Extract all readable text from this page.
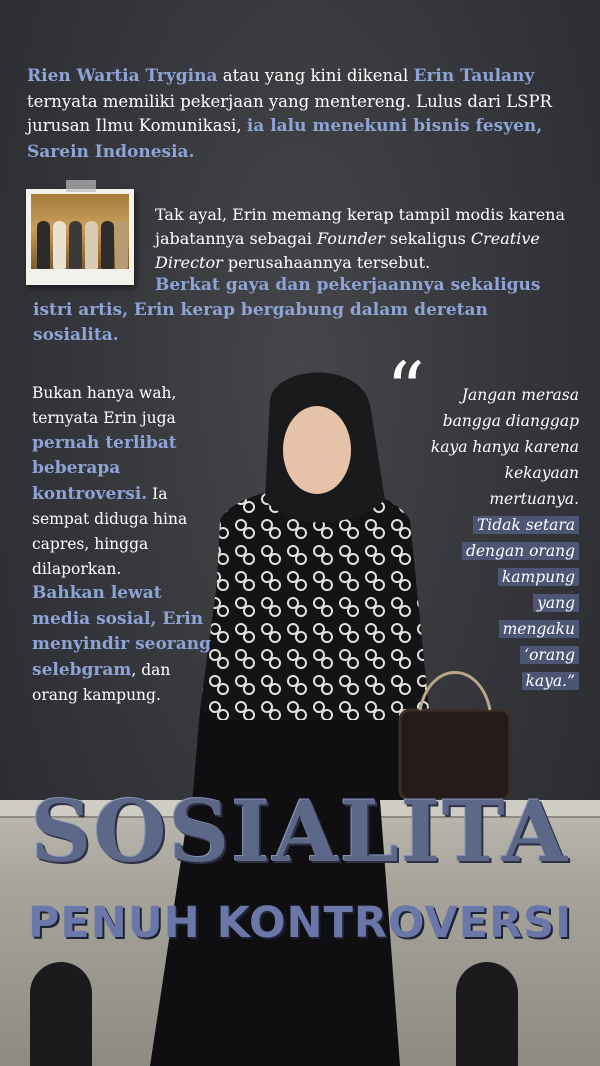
Rien Wartia Trygina atau yang kini dikenal Erin Taulany ternyata memiliki pekerjaan yang mentereng. Lulus dari LSPR jurusan Ilmu Komunikasi, ia lalu menekuni bisnis fesyen, Sarein Indonesia.

Tak ayal, Erin memang kerap tampil modis karena jabatannya sebagai Founder sekaligus Creative Director perusahaannya tersebut.

Berkat gaya dan pekerjaannya sekaligus istri artis, Erin kerap bergabung dalam deretan sosialita.

Bukan hanya wah, ternyata Erin juga pernah terlibat beberapa kontroversi. Ia sempat diduga hina capres, hingga dilaporkan.
Bahkan lewat media sosial, Erin menyindir seorang selebgram, dan orang kampung.

“	Jangan merasa
bangga dianggap
kaya hanya karena
kekayaan
mertuanya.
Tidak setara
dengan orang
kampung
yang
mengaku
‘orang
kaya.”
SOSIALITA
PENUH KONTROVERSI
